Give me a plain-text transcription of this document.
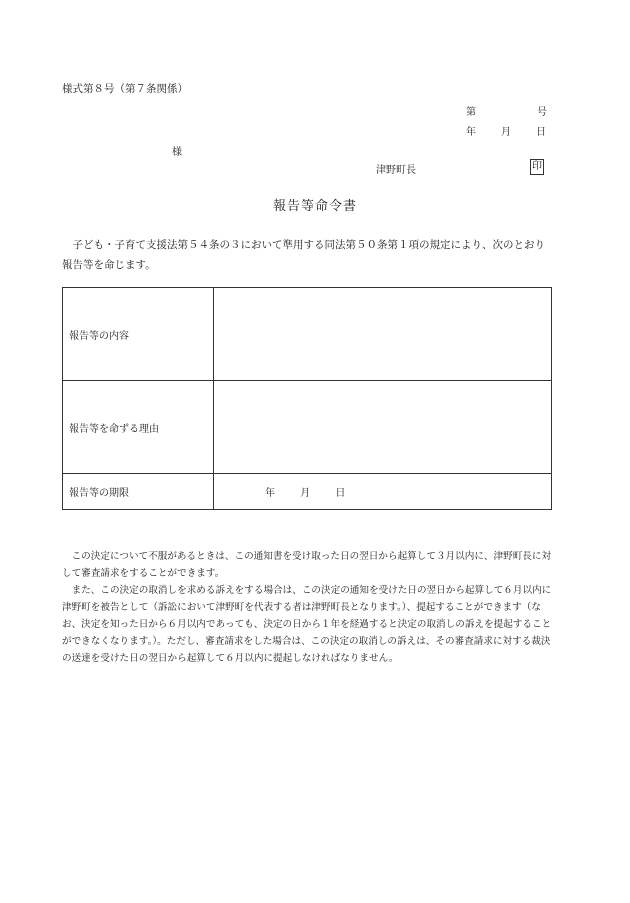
様式第８号（第７条関係）
第	号
年	月	日
様
津野町長	印
報告等命令書
子ども・子育て支援法第５４条の３において準用する同法第５０条第１項の規定により、次のとおり報告等を命じます。
報告等の内容	
報告等を命ずる理由	
報告等の期限	年 月 日

この決定について不服があるときは、この通知書を受け取った日の翌日から起算して３月以内に、津野町長に対して審査請求をすることができます。

また、この決定の取消しを求める訴えをする場合は、この決定の通知を受けた日の翌日から起算して６月以内に津野町を被告として（訴訟において津野町を代表する者は津野町長となります。）、提起することができます（なお、決定を知った日から６月以内であっても、決定の日から１年を経過すると決定の取消しの訴えを提起することができなくなります。）。ただし、審査請求をした場合は、この決定の取消しの訴えは、その審査請求に対する裁決の送達を受けた日の翌日から起算して６月以内に提起しなければなりません。
